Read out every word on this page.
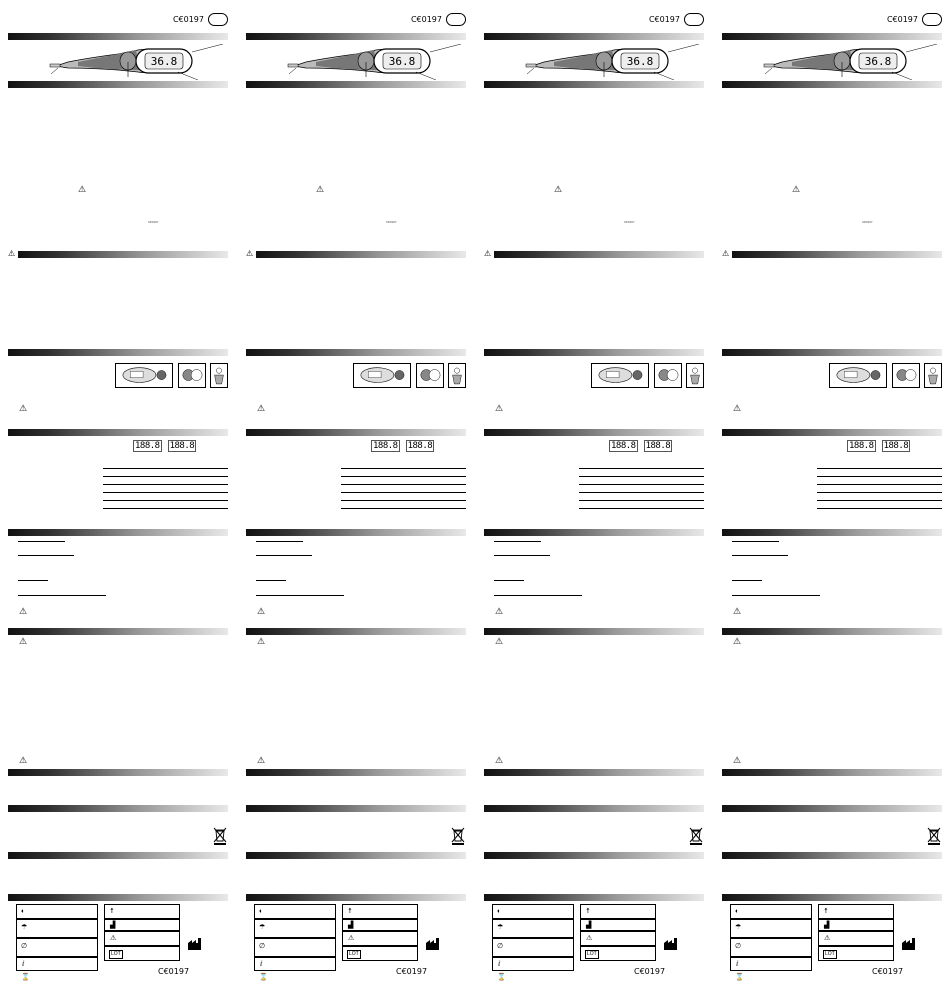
C€0197
36.8
⚠
C€0197
⚠
⚠
188.8 188.8

⚠
⚠
⚠
◐
☂
∅
ⅈ
⌛
☨
▟
⚠
LOT
C€0197
C€0197
36.8
⚠
C€0197
⚠
⚠
188.8 188.8

⚠
⚠
⚠
◐
☂
∅
ⅈ
⌛
☨
▟
⚠
LOT
C€0197
C€0197
36.8
⚠
C€0197
⚠
⚠
188.8 188.8

⚠
⚠
⚠
◐
☂
∅
ⅈ
⌛
☨
▟
⚠
LOT
C€0197
C€0197
36.8
⚠
C€0197
⚠
⚠
188.8 188.8

⚠
⚠
⚠
◐
☂
∅
ⅈ
⌛
☨
▟
⚠
LOT
C€0197
